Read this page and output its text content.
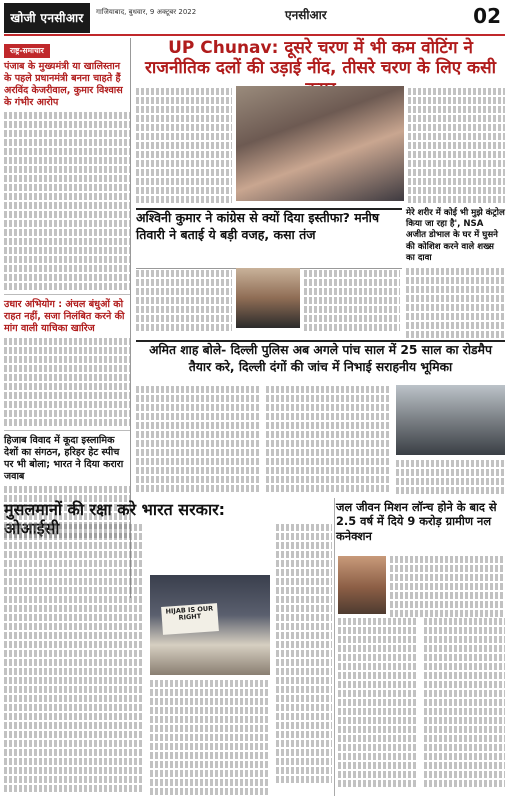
खोजी एनसीआर	गाजियाबाद, बुधवार, 9 अक्टूबर 2022	एनसीआर	02
राष्ट्र-समाचार
पंजाब के मुख्यमंत्री या खालिस्तान के पहले प्रधानमंत्री बनना चाहते हैं अरविंद केजरीवाल, कुमार विश्वास के गंभीर आरोप
उधार अभियोग : अंचल बंधुओं को राहत नहीं, सजा निलंबित करने की मांग वाली याचिका खारिज
हिजाब विवाद में कूदा इस्लामिक देशों का संगठन, हरिहर हेट स्पीच पर भी बोला; भारत ने दिया करारा जवाब
UP Chunav: दूसरे चरण में भी कम वोटिंग ने राजनीतिक दलों की उड़ाई नींद, तीसरे चरण के लिए कसी
अश्विनी कुमार ने कांग्रेस से क्यों दिया इस्तीफा? मनीष तिवारी ने बताई ये बड़ी वजह, कसा तंज
मेरे शरीर में कोई भी मुझे कंट्रोल किया जा रहा है', NSA अजीत डोभाल के घर में घुसने की कोशिश करने वाले शख्स का दावा
अमित शाह बोले- दिल्ली पुलिस अब अगले पांच साल में 25 साल का रोडमैप तैयार करे, दिल्ली दंगों की जांच में निभाई सराहनीय भूमिका
मुसलमानों की रक्षा करे भारत सरकार: ओआईसी
HIJAB IS OUR RIGHT
जल जीवन मिशन लॉन्च होने के बाद से 2.5 वर्ष में दिये 9 करोड़ ग्रामीण नल कनेक्शन
